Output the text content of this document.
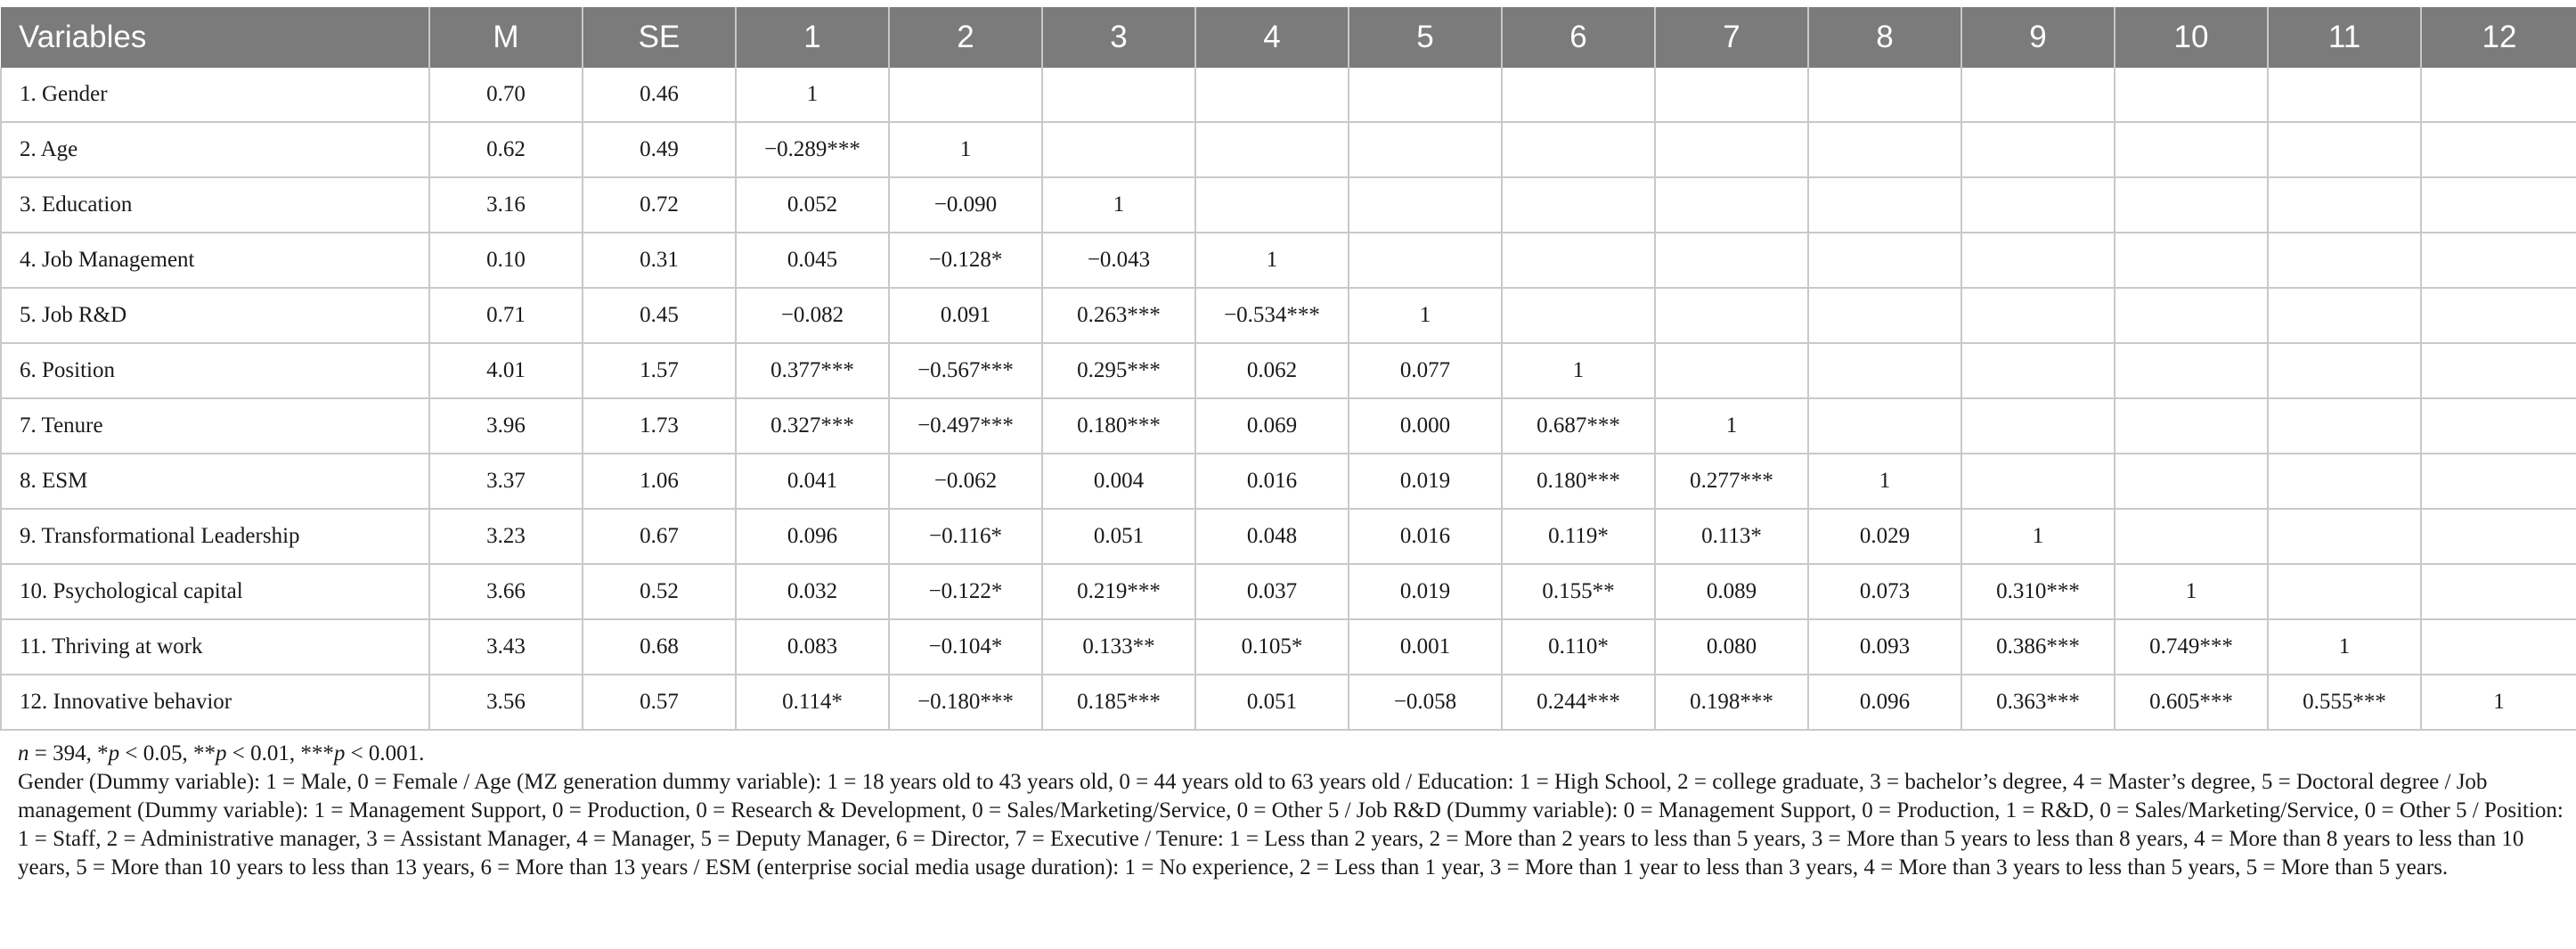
Variables	M	SE	1	2	3	4	5	6	7	8	9	10	11	12
1. Gender	0.70	0.46	1											
2. Age	0.62	0.49	−0.289***	1										
3. Education	3.16	0.72	0.052	−0.090	1									
4. Job Management	0.10	0.31	0.045	−0.128*	−0.043	1								
5. Job R&D	0.71	0.45	−0.082	0.091	0.263***	−0.534***	1							
6. Position	4.01	1.57	0.377***	−0.567***	0.295***	0.062	0.077	1						
7. Tenure	3.96	1.73	0.327***	−0.497***	0.180***	0.069	0.000	0.687***	1					
8. ESM	3.37	1.06	0.041	−0.062	0.004	0.016	0.019	0.180***	0.277***	1				
9. Transformational Leadership	3.23	0.67	0.096	−0.116*	0.051	0.048	0.016	0.119*	0.113*	0.029	1			
10. Psychological capital	3.66	0.52	0.032	−0.122*	0.219***	0.037	0.019	0.155**	0.089	0.073	0.310***	1		
11. Thriving at work	3.43	0.68	0.083	−0.104*	0.133**	0.105*	0.001	0.110*	0.080	0.093	0.386***	0.749***	1	
12. Innovative behavior	3.56	0.57	0.114*	−0.180***	0.185***	0.051	−0.058	0.244***	0.198***	0.096	0.363***	0.605***	0.555***	1

n = 394, *p < 0.05, **p < 0.01, ***p < 0.001.

Gender (Dummy variable): 1 = Male, 0 = Female / Age (MZ generation dummy variable): 1 = 18 years old to 43 years old, 0 = 44 years old to 63 years old / Education: 1 = High School, 2 = college graduate, 3 = bachelor’s degree, 4 = Master’s degree, 5 = Doctoral degree / Job management (Dummy variable): 1 = Management Support, 0 = Production, 0 = Research & Development, 0 = Sales/Marketing/Service, 0 = Other 5 / Job R&D (Dummy variable): 0 = Management Support, 0 = Production, 1 = R&D, 0 = Sales/Marketing/Service, 0 = Other 5 / Position: 1 = Staff, 2 = Administrative manager, 3 = Assistant Manager, 4 = Manager, 5 = Deputy Manager, 6 = Director, 7 = Executive / Tenure: 1 = Less than 2 years, 2 = More than 2 years to less than 5 years, 3 = More than 5 years to less than 8 years, 4 = More than 8 years to less than 10 years, 5 = More than 10 years to less than 13 years, 6 = More than 13 years / ESM (enterprise social media usage duration): 1 = No experience, 2 = Less than 1 year, 3 = More than 1 year to less than 3 years, 4 = More than 3 years to less than 5 years, 5 = More than 5 years.
